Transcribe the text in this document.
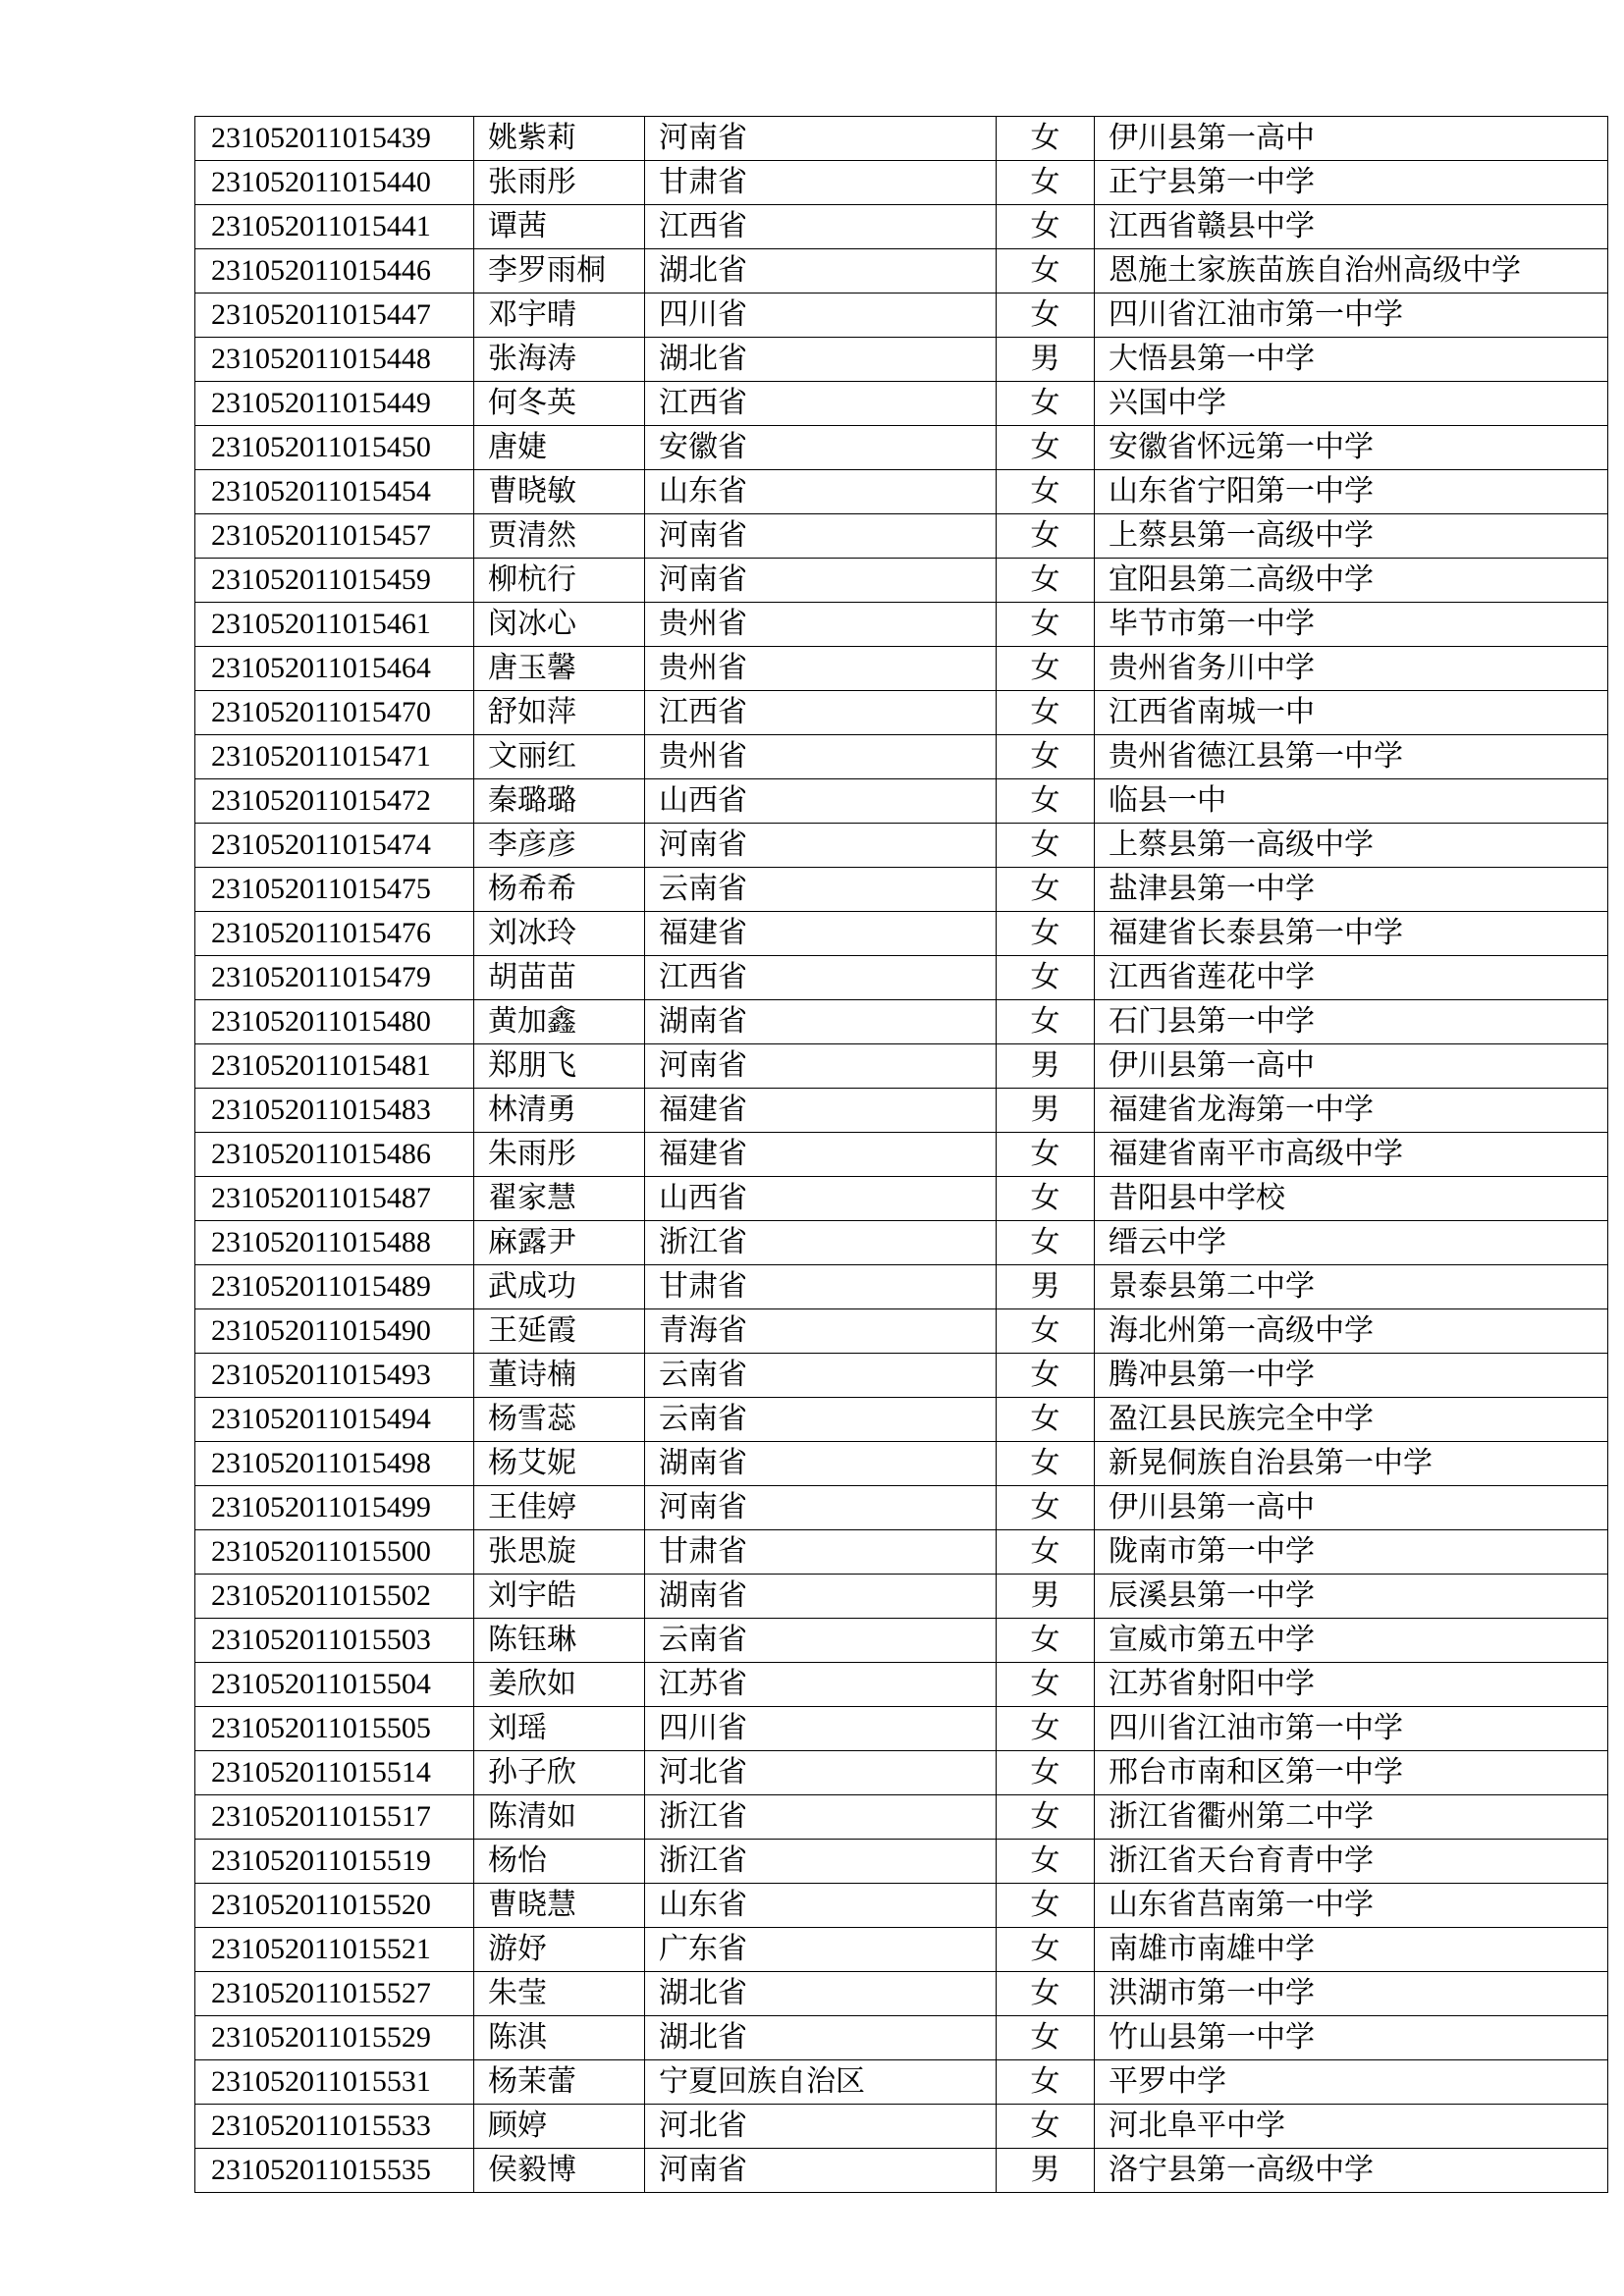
231052011015439	姚紫莉	河南省	女	伊川县第一高中
231052011015440	张雨彤	甘肃省	女	正宁县第一中学
231052011015441	谭茜	江西省	女	江西省赣县中学
231052011015446	李罗雨桐	湖北省	女	恩施土家族苗族自治州高级中学
231052011015447	邓宇晴	四川省	女	四川省江油市第一中学
231052011015448	张海涛	湖北省	男	大悟县第一中学
231052011015449	何冬英	江西省	女	兴国中学
231052011015450	唐婕	安徽省	女	安徽省怀远第一中学
231052011015454	曹晓敏	山东省	女	山东省宁阳第一中学
231052011015457	贾清然	河南省	女	上蔡县第一高级中学
231052011015459	柳杭行	河南省	女	宜阳县第二高级中学
231052011015461	闵冰心	贵州省	女	毕节市第一中学
231052011015464	唐玉馨	贵州省	女	贵州省务川中学
231052011015470	舒如萍	江西省	女	江西省南城一中
231052011015471	文丽红	贵州省	女	贵州省德江县第一中学
231052011015472	秦璐璐	山西省	女	临县一中
231052011015474	李彦彦	河南省	女	上蔡县第一高级中学
231052011015475	杨希希	云南省	女	盐津县第一中学
231052011015476	刘冰玲	福建省	女	福建省长泰县第一中学
231052011015479	胡苗苗	江西省	女	江西省莲花中学
231052011015480	黄加鑫	湖南省	女	石门县第一中学
231052011015481	郑朋飞	河南省	男	伊川县第一高中
231052011015483	林清勇	福建省	男	福建省龙海第一中学
231052011015486	朱雨彤	福建省	女	福建省南平市高级中学
231052011015487	翟家慧	山西省	女	昔阳县中学校
231052011015488	麻露尹	浙江省	女	缙云中学
231052011015489	武成功	甘肃省	男	景泰县第二中学
231052011015490	王延霞	青海省	女	海北州第一高级中学
231052011015493	董诗楠	云南省	女	腾冲县第一中学
231052011015494	杨雪蕊	云南省	女	盈江县民族完全中学
231052011015498	杨艾妮	湖南省	女	新晃侗族自治县第一中学
231052011015499	王佳婷	河南省	女	伊川县第一高中
231052011015500	张思旋	甘肃省	女	陇南市第一中学
231052011015502	刘宇皓	湖南省	男	辰溪县第一中学
231052011015503	陈钰琳	云南省	女	宣威市第五中学
231052011015504	姜欣如	江苏省	女	江苏省射阳中学
231052011015505	刘瑶	四川省	女	四川省江油市第一中学
231052011015514	孙子欣	河北省	女	邢台市南和区第一中学
231052011015517	陈清如	浙江省	女	浙江省衢州第二中学
231052011015519	杨怡	浙江省	女	浙江省天台育青中学
231052011015520	曹晓慧	山东省	女	山东省莒南第一中学
231052011015521	游妤	广东省	女	南雄市南雄中学
231052011015527	朱莹	湖北省	女	洪湖市第一中学
231052011015529	陈淇	湖北省	女	竹山县第一中学
231052011015531	杨茉蕾	宁夏回族自治区	女	平罗中学
231052011015533	顾婷	河北省	女	河北阜平中学
231052011015535	侯毅博	河南省	男	洛宁县第一高级中学
